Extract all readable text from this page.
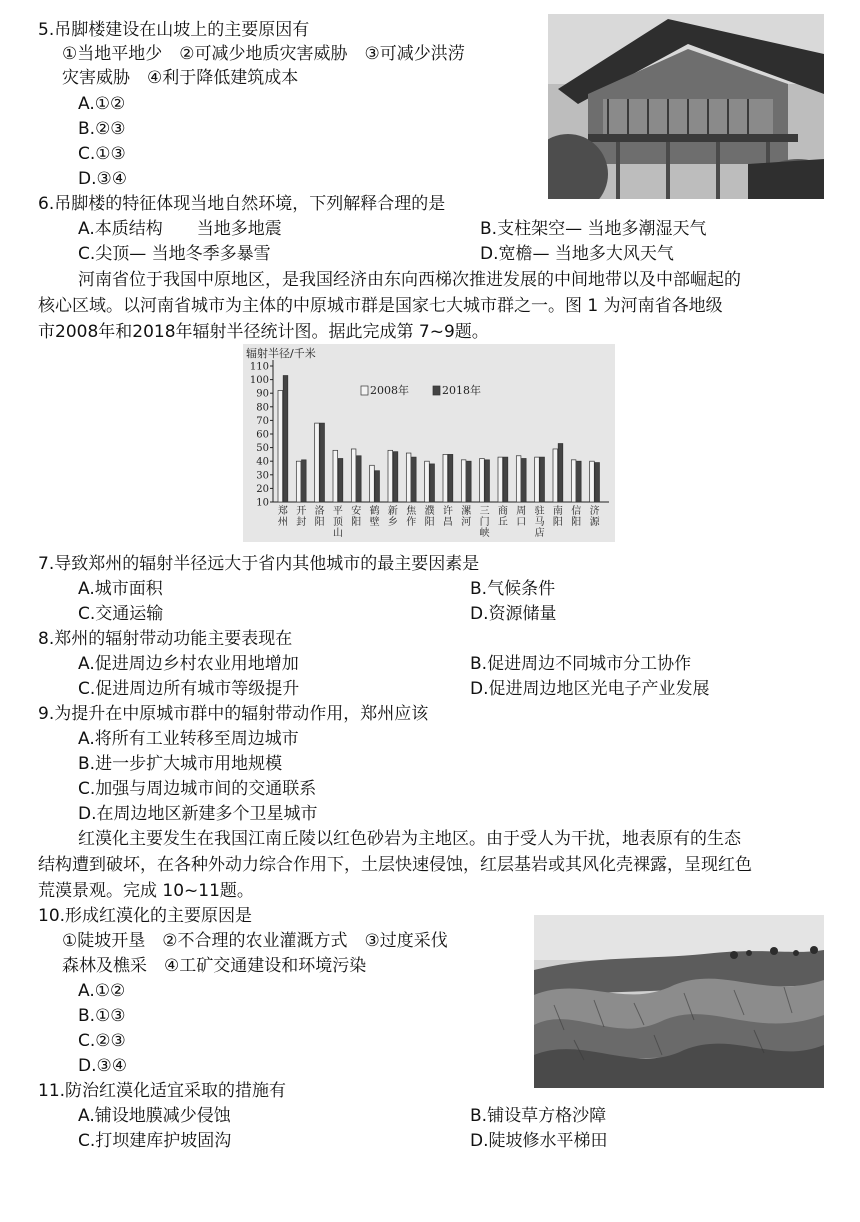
5.吊脚楼建设在山坡上的主要原因有
①当地平地少　②可减少地质灾害威胁　③可减少洪涝
灾害威胁　④利于降低建筑成本
A.①②
B.②③
C.①③
D.③④
6.吊脚楼的特征体现当地自然环境，下列解释合理的是
A.本质结构　　当地多地震	B.支柱架空— 当地多潮湿天气
C.尖顶— 当地冬季多暴雪	D.宽檐— 当地多大风天气
河南省位于我国中原地区，是我国经济由东向西梯次推进发展的中间地带以及中部崛起的
核心区域。以河南省城市为主体的中原城市群是国家七大城市群之一。图 1 为河南省各地级
市2008年和2018年辐射半径统计图。据此完成第 7~9题。
辐射半径/千米
10
20
30
40
50
60
70
80
90
100
110
郑州
开封
洛阳
平顶山
安阳
鹤壁
新乡
焦作
濮阳
许昌
漯河
三门峡
商丘
周口
驻马店
南阳
信阳
济源
2008年	2018年
7.导致郑州的辐射半径远大于省内其他城市的最主要因素是
A.城市面积	B.气候条件
C.交通运输	D.资源储量
8.郑州的辐射带动功能主要表现在
A.促进周边乡村农业用地增加	B.促进周边不同城市分工协作
C.促进周边所有城市等级提升	D.促进周边地区光电子产业发展
9.为提升在中原城市群中的辐射带动作用，郑州应该
A.将所有工业转移至周边城市
B.进一步扩大城市用地规模
C.加强与周边城市间的交通联系
D.在周边地区新建多个卫星城市
红漠化主要发生在我国江南丘陵以红色砂岩为主地区。由于受人为干扰，地表原有的生态
结构遭到破坏，在各种外动力综合作用下，土层快速侵蚀，红层基岩或其风化壳裸露，呈现红色
荒漠景观。完成 10~11题。
10.形成红漠化的主要原因是
①陡坡开垦　②不合理的农业灌溉方式　③过度采伐
森林及樵采　④工矿交通建设和环境污染
A.①②
B.①③
C.②③
D.③④
11.防治红漠化适宜采取的措施有
A.铺设地膜减少侵蚀	B.铺设草方格沙障
C.打坝建库护坡固沟	D.陡坡修水平梯田
